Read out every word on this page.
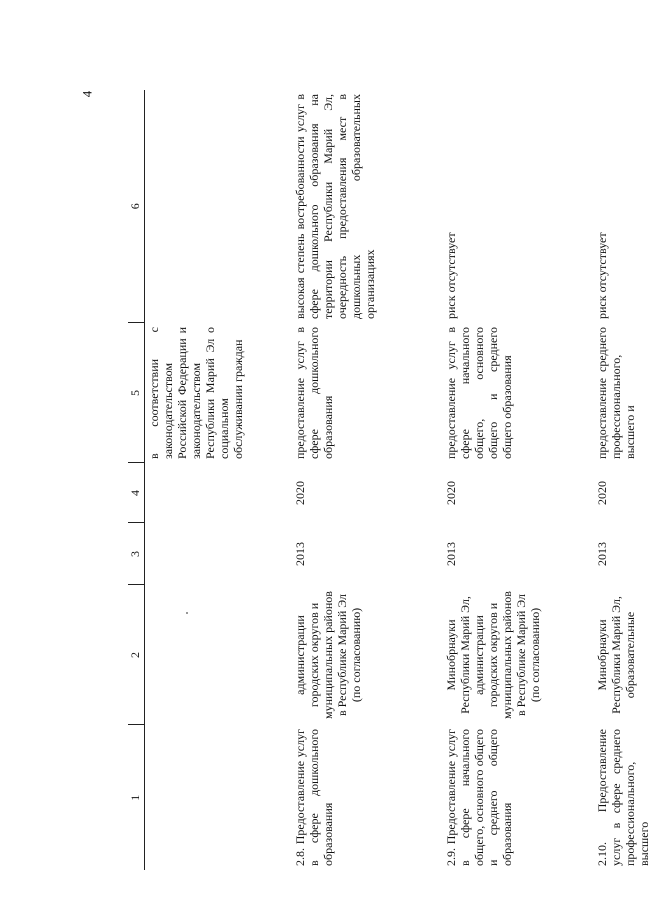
4
1	2	3	4	5	6
				в соответствии с законодательством Российской Федерации и законодательством Республики Марий Эл о социальном обслуживании граждан	
2.8. Предоставление услуг в сфере дошкольного образования	администрации городских округов и муниципальных районов в Республике Марий Эл (по согласованию)	2013	2020	предоставление услуг в сфере дошкольного образования	высокая степень востребованности услуг в сфере дошкольного образования на территории Республики Марий Эл, очередность предоставления мест в дошкольных образовательных организациях
2.9. Предоставление услуг в сфере начального общего, основного общего и среднего общего образования	Минобрнауки Республики Марий Эл, администрации городских округов и муниципальных районов в Республике Марий Эл (по согласованию)	2013	2020	предоставление услуг в сфере начального общего, основного общего и среднего общего образования	риск отсутствует
2.10. Предоставление услуг в сфере среднего профессионального, высшего	Минобрнауки Республики Марий Эл, образовательные	2013	2020	предоставление среднего профессионального, высшего и	риск отсутствует
